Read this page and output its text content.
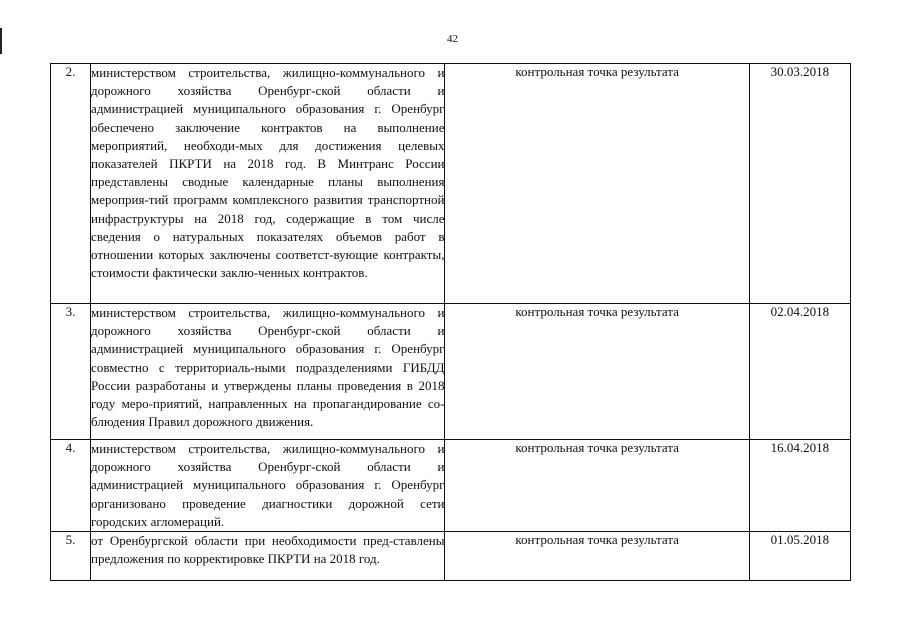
42
2.	министерством строительства, жилищно-коммунального и дорожного хозяйства Оренбург-ской области и администрацией муниципального образования г. Оренбург обеспечено заключение контрактов на выполнение мероприятий, необходи-мых для достижения целевых показателей ПКРТИ на 2018 год. В Минтранс России представлены сводные календарные планы выполнения мероприя-тий программ комплексного развития транспортной инфраструктуры на 2018 год, содержащие в том числе сведения о натуральных показателях объемов работ в отношении которых заключены соответст-вующие контракты, стоимости фактически заклю-ченных контрактов.	контрольная точка результата	30.03.2018
3.	министерством строительства, жилищно-коммунального и дорожного хозяйства Оренбург-ской области и администрацией муниципального образования г. Оренбург совместно с территориаль-ными подразделениями ГИБДД России разработаны и утверждены планы проведения в 2018 году меро-приятий, направленных на пропагандирование со-блюдения Правил дорожного движения.	контрольная точка результата	02.04.2018
4.	министерством строительства, жилищно-коммунального и дорожного хозяйства Оренбург-ской области и администрацией муниципального образования г. Оренбург организовано проведение диагностики дорожной сети городских агломераций.	контрольная точка результата	16.04.2018
5.	от Оренбургской области при необходимости пред-ставлены предложения по корректировке ПКРТИ на 2018 год.	контрольная точка результата	01.05.2018
